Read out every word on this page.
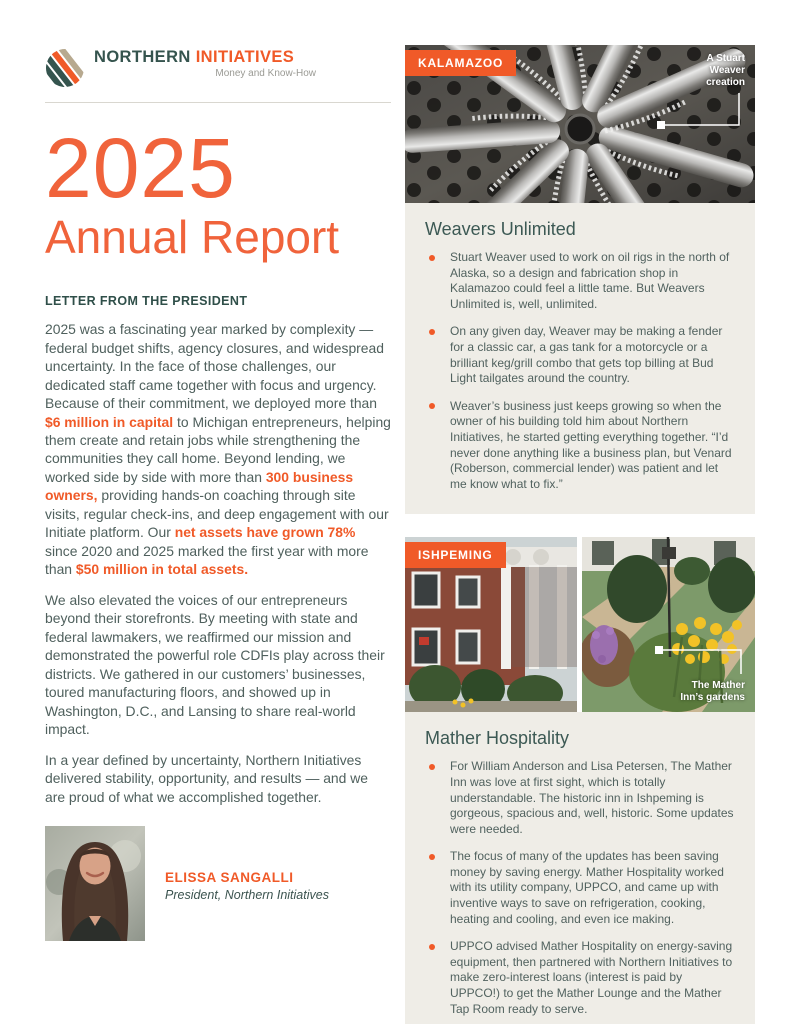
NORTHERN INITIATIVES
Money and Know-How
2025
Annual Report
LETTER FROM THE PRESIDENT

2025 was a fascinating year marked by complexity — federal budget shifts, agency closures, and widespread uncertainty. In the face of those challenges, our dedicated staff came together with focus and urgency. Because of their commitment, we deployed more than $6 million in capital to Michigan entrepreneurs, helping them create and retain jobs while strengthening the communities they call home. Beyond lending, we worked side by side with more than 300 business owners, providing hands-on coaching through site visits, regular check-ins, and deep engagement with our Initiate platform. Our net assets have grown 78% since 2020 and 2025 marked the first year with more than $50 million in total assets.

We also elevated the voices of our entrepreneurs beyond their storefronts. By meeting with state and federal lawmakers, we reaffirmed our mission and demonstrated the powerful role CDFIs play across their districts. We gathered in our customers’ businesses, toured manufacturing floors, and showed up in Washington, D.C., and Lansing to share real-world impact.

In a year defined by uncertainty, Northern Initiatives delivered stability, opportunity, and results — and we are proud of what we accomplished together.

ELISSA SANGALLI
President, Northern Initiatives
KALAMAZOO	A Stuart Weaver creation
Weavers Unlimited
Stuart Weaver used to work on oil rigs in the north of Alaska, so a design and fabrication shop in Kalamazoo could feel a little tame. But Weavers Unlimited is, well, unlimited.
On any given day, Weaver may be making a fender for a classic car, a gas tank for a motorcycle or a brilliant keg/grill combo that gets top billing at Bud Light tailgates around the country.
Weaver’s business just keeps growing so when the owner of his building told him about Northern Initiatives, he started getting everything together. “I’d never done anything like a business plan, but Venard (Roberson, commercial lender) was patient and let me know what to fix.”
ISHPEMING
The Mather Inn’s gardens
Mather Hospitality
For William Anderson and Lisa Petersen, The Mather Inn was love at first sight, which is totally understandable. The historic inn in Ishpeming is gorgeous, spacious and, well, historic. Some updates were needed.
The focus of many of the updates has been saving money by saving energy. Mather Hospitality worked with its utility company, UPPCO, and came up with inventive ways to save on refrigeration, cooking, heating and cooling, and even ice making.
UPPCO advised Mather Hospitality on energy-saving equipment, then partnered with Northern Initiatives to make zero-interest loans (interest is paid by UPPCO!) to get the Mather Lounge and the Mather Tap Room ready to serve.
